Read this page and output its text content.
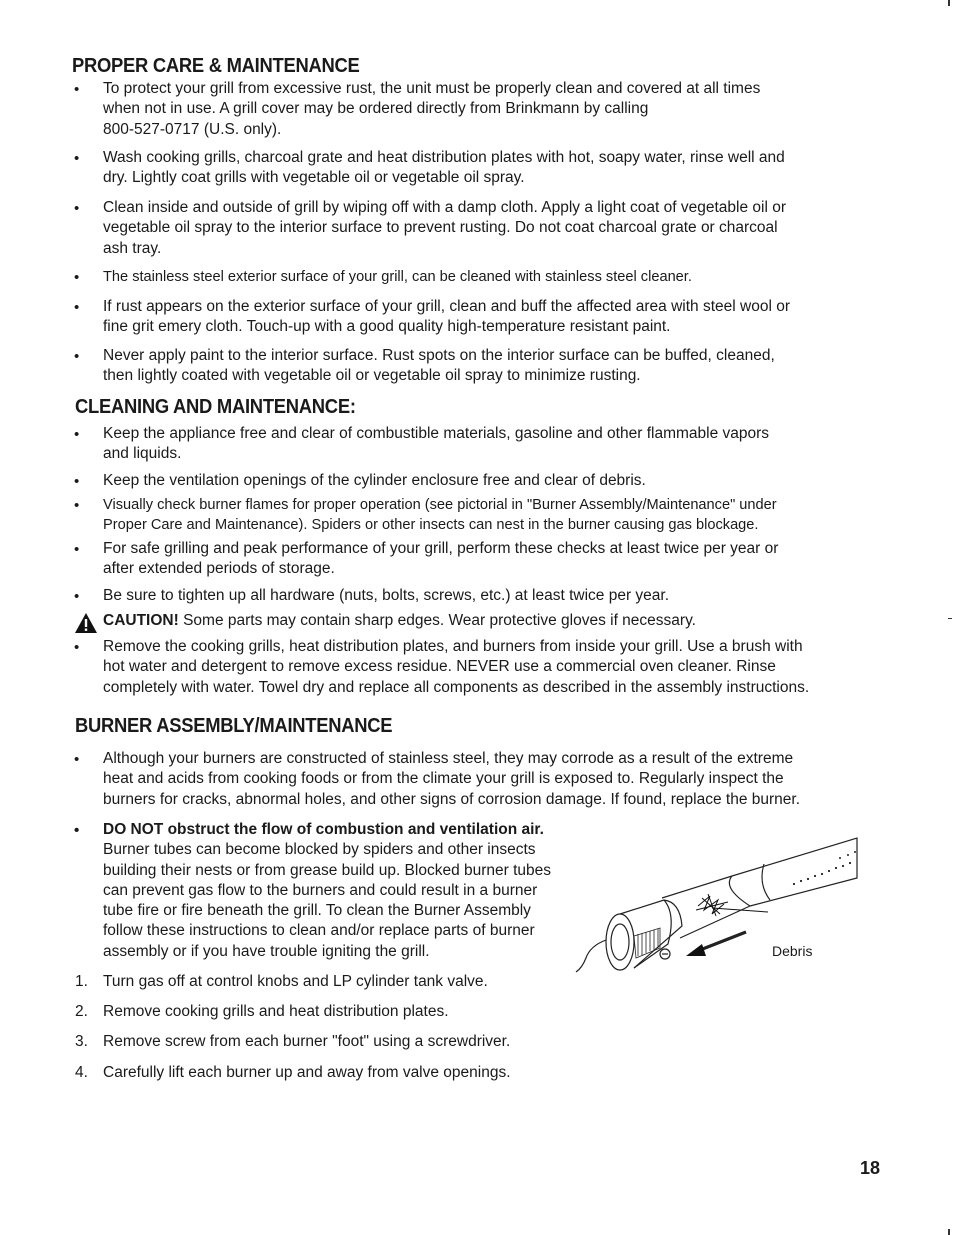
PROPER CARE & MAINTENANCE
• To protect your grill from excessive rust, the unit must be properly clean and covered at all times
when not in use. A grill cover may be ordered directly from Brinkmann by calling
800-527-0717 (U.S. only).

• Wash cooking grills, charcoal grate and heat distribution plates with hot, soapy water, rinse well and
dry. Lightly coat grills with vegetable oil or vegetable oil spray.

• Clean inside and outside of grill by wiping off with a damp cloth. Apply a light coat of vegetable oil or
vegetable oil spray to the interior surface to prevent rusting. Do not coat charcoal grate or charcoal
ash tray.

• The stainless steel exterior surface of your grill, can be cleaned with stainless steel cleaner.

• If rust appears on the exterior surface of your grill, clean and buff the affected area with steel wool or
fine grit emery cloth. Touch-up with a good quality high-temperature resistant paint.

• Never apply paint to the interior surface. Rust spots on the interior surface can be buffed, cleaned,
then lightly coated with vegetable oil or vegetable oil spray to minimize rusting.

CLEANING AND MAINTENANCE:
• Keep the appliance free and clear of combustible materials, gasoline and other flammable vapors
and liquids.

• Keep the ventilation openings of the cylinder enclosure free and clear of debris.

• Visually check burner flames for proper operation (see pictorial in "Burner Assembly/Maintenance" under
Proper Care and Maintenance). Spiders or other insects can nest in the burner causing gas blockage.

• For safe grilling and peak performance of your grill, perform these checks at least twice per year or
after extended periods of storage.

• Be sure to tighten up all hardware (nuts, bolts, screws, etc.) at least twice per year.

CAUTION! Some parts may contain sharp edges. Wear protective gloves if necessary.

• Remove the cooking grills, heat distribution plates, and burners from inside your grill. Use a brush with
hot water and detergent to remove excess residue. NEVER use a commercial oven cleaner. Rinse
completely with water. Towel dry and replace all components as described in the assembly instructions.

BURNER ASSEMBLY/MAINTENANCE
• Although your burners are constructed of stainless steel, they may corrode as a result of the extreme
heat and acids from cooking foods or from the climate your grill is exposed to. Regularly inspect the
burners for cracks, abnormal holes, and other signs of corrosion damage. If found, replace the burner.

• DO NOT obstruct the flow of combustion and ventilation air.
Burner tubes can become blocked by spiders and other insects
building their nests or from grease build up. Blocked burner tubes
can prevent gas flow to the burners and could result in a burner
tube fire or fire beneath the grill. To clean the Burner Assembly
follow these instructions to clean and/or replace parts of burner
assembly or if you have trouble igniting the grill.

1. Turn gas off at control knobs and LP cylinder tank valve.

2. Remove cooking grills and heat distribution plates.

3. Remove screw from each burner "foot" using a screwdriver.

4. Carefully lift each burner up and away from valve openings.

Debris
18
